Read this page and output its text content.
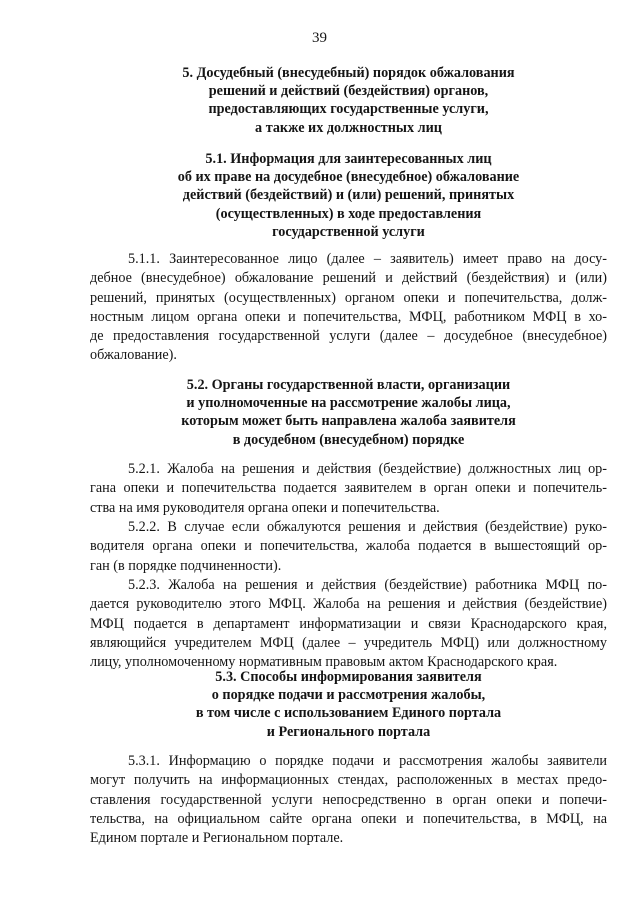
39
5. Досудебный (внесудебный) порядок обжалования
решений и действий (бездействия) органов,
предоставляющих государственные услуги,
а также их должностных лиц
5.1. Информация для заинтересованных лиц
об их праве на досудебное (внесудебное) обжалование
действий (бездействий) и (или) решений, принятых
(осуществленных) в ходе предоставления
государственной услуги
5.1.1. Заинтересованное лицо (далее – заявитель) имеет право на досу-
дебное (внесудебное) обжалование решений и действий (бездействия) и (или)
решений, принятых (осуществленных) органом опеки и попечительства, долж-
ностным лицом органа опеки и попечительства, МФЦ, работником МФЦ в хо-
де предоставления государственной услуги (далее – досудебное (внесудебное)
обжалование).
5.2. Органы государственной власти, организации
и уполномоченные на рассмотрение жалобы лица,
которым может быть направлена жалоба заявителя
в досудебном (внесудебном) порядке
5.2.1. Жалоба на решения и действия (бездействие) должностных лиц ор-
гана опеки и попечительства подается заявителем в орган опеки и попечитель-
ства на имя руководителя органа опеки и попечительства.
5.2.2. В случае если обжалуются решения и действия (бездействие) руко-
водителя органа опеки и попечительства, жалоба подается в вышестоящий ор-
ган (в порядке подчиненности).
5.2.3. Жалоба на решения и действия (бездействие) работника МФЦ по-
дается руководителю этого МФЦ. Жалоба на решения и действия (бездействие)
МФЦ подается в департамент информатизации и связи Краснодарского края,
являющийся учредителем МФЦ (далее – учредитель МФЦ) или должностному
лицу, уполномоченному нормативным правовым актом Краснодарского края.
5.3. Способы информирования заявителя
о порядке подачи и рассмотрения жалобы,
в том числе с использованием Единого портала
и Регионального портала
5.3.1. Информацию о порядке подачи и рассмотрения жалобы заявители
могут получить на информационных стендах, расположенных в местах предо-
ставления государственной услуги непосредственно в орган опеки и попечи-
тельства, на официальном сайте органа опеки и попечительства, в МФЦ, на
Едином портале и Региональном портале.
